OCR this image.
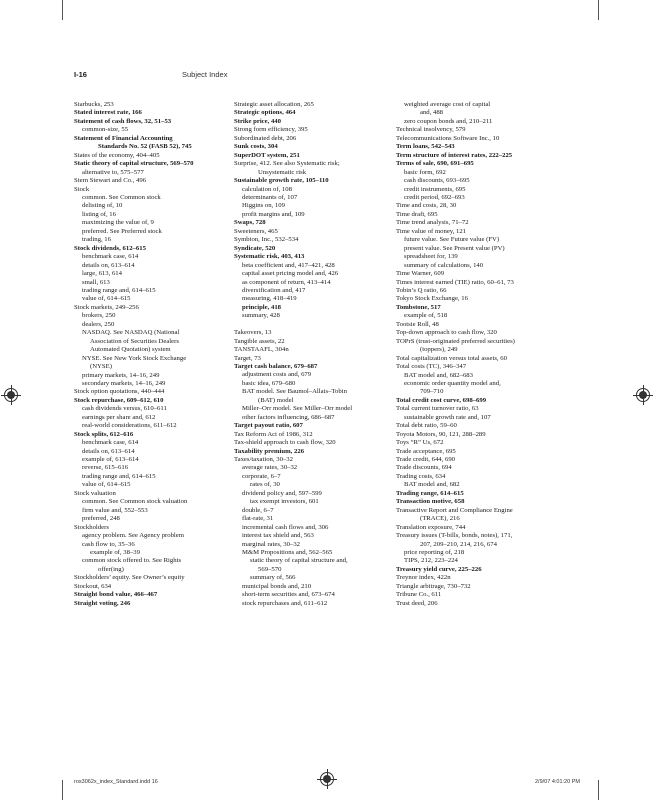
I-16	Subject Index
Starbucks, 253
Stated interest rate, 166
Statement of cash flows, 32, 51–53
common-size, 55
Statement of Financial Accounting
Standards No. 52 (FASB 52), 745
States of the economy, 404–405
Static theory of capital structure, 569–570
alternative to, 575–577
Stern Stewart and Co., 496
Stock
common. See Common stock
delisting of, 10
listing of, 16
maximizing the value of, 9
preferred. See Preferred stock
trading, 16
Stock dividends, 612–615
benchmark case, 614
details on, 613–614
large, 613, 614
small, 613
trading range and, 614–615
value of, 614–615
Stock markets, 249–256
brokers, 250
dealers, 250
NASDAQ. See NASDAQ (National
Association of Securities Dealers
Automated Quotation) system
NYSE. See New York Stock Exchange
(NYSE)
primary markets, 14–16, 249
secondary markets, 14–16, 249
Stock option quotations, 440–444
Stock repurchase, 609–612, 610
cash dividends versus, 610–611
earnings per share and, 612
real-world considerations, 611–612
Stock splits, 612–616
benchmark case, 614
details on, 613–614
example of, 613–614
reverse, 615–616
trading range and, 614–615
value of, 614–615
Stock valuation
common. See Common stock valuation
firm value and, 552–553
preferred, 248
Stockholders
agency problem. See Agency problem
cash flow to, 35–36
example of, 38–39
common stock offered to. See Rights
offer(ing)
Stockholders’ equity. See Owner’s equity
Stockout, 634
Straight bond value, 466–467
Straight voting, 246
Strategic asset allocation, 265
Strategic options, 464
Strike price, 440
Strong form efficiency, 395
Subordinated debt, 206
Sunk costs, 304
SuperDOT system, 251
Surprise, 412. See also Systematic risk;
Unsystematic risk
Sustainable growth rate, 105–110
calculation of, 108
determinants of, 107
Higgins on, 109
profit margins and, 109
Swaps, 728
Sweeteners, 465
Symbion, Inc., 532–534
Syndicate, 520
Systematic risk, 403, 413
beta coefficient and, 417–421, 428
capital asset pricing model and, 426
as component of return, 413–414
diversification and, 417
measuring, 418–419
principle, 418
summary, 428
Takeovers, 13
Tangible assets, 22
TANSTAAFL, 304n
Target, 73
Target cash balance, 679–687
adjustment costs and, 679
basic idea, 679–680
BAT model. See Baumol–Allais–Tobin
(BAT) model
Miller–Orr model. See Miller–Orr model
other factors influencing, 686–687
Target payout ratio, 607
Tax Reform Act of 1986, 312
Tax-shield approach to cash flow, 320
Taxability premium, 226
Taxes/taxation, 30–32
average rates, 30–32
corporate, 6–7
rates of, 30
dividend policy and, 597–599
tax exempt investors, 601
double, 6–7
flat-rate, 31
incremental cash flows and, 306
interest tax shield and, 563
marginal rates, 30–32
M&M Propositions and, 562–565
static theory of capital structure and,
569–570
summary of, 566
municipal bonds and, 210
short-term securities and, 673–674
stock repurchases and, 611–612
weighted average cost of capital
and, 488
zero coupon bonds and, 210–211
Technical insolvency, 579
Telecommunications Software Inc., 10
Term loans, 542–543
Term structure of interest rates, 222–225
Terms of sale, 690, 691–695
basic form, 692
cash discounts, 693–695
credit instruments, 695
credit period, 692–693
Time and costs, 28, 30
Time draft, 695
Time trend analysis, 71–72
Time value of money, 121
future value. See Future value (FV)
present value. See Present value (PV)
spreadsheet for, 139
summary of calculations, 140
Time Warner, 609
Times interest earned (TIE) ratio, 60–61, 73
Tobin’s Q ratio, 66
Tokyo Stock Exchange, 16
Tombstone, 517
example of, 518
Tootsie Roll, 48
Top-down approach to cash flow, 320
TOPrS (trust-originated preferred securities)
(toppers), 249
Total capitalization versus total assets, 60
Total costs (TC), 346–347
BAT model and, 682–683
economic order quantity model and,
709–710
Total credit cost curve, 698–699
Total current turnover ratio, 63
sustainable growth rate and, 107
Total debt ratio, 59–60
Toyota Motors, 90, 121, 288–289
Toys “R” Us, 672
Trade acceptance, 695
Trade credit, 644, 690
Trade discounts, 694
Trading costs, 634
BAT model and, 682
Trading range, 614–615
Transaction motive, 658
Transactive Report and Compliance Engine
(TRACE), 216
Translation exposure, 744
Treasury issues (T-bills, bonds, notes), 171,
207, 209–210, 214, 216, 674
price reporting of, 218
TIPS, 212, 223–224
Treasury yield curve, 225–226
Treynor index, 422n
Triangle arbitrage, 730–732
Tribune Co., 611
Trust deed, 206
ros3062x_index_Standard.indd 16	2/9/07 4:01:20 PM
